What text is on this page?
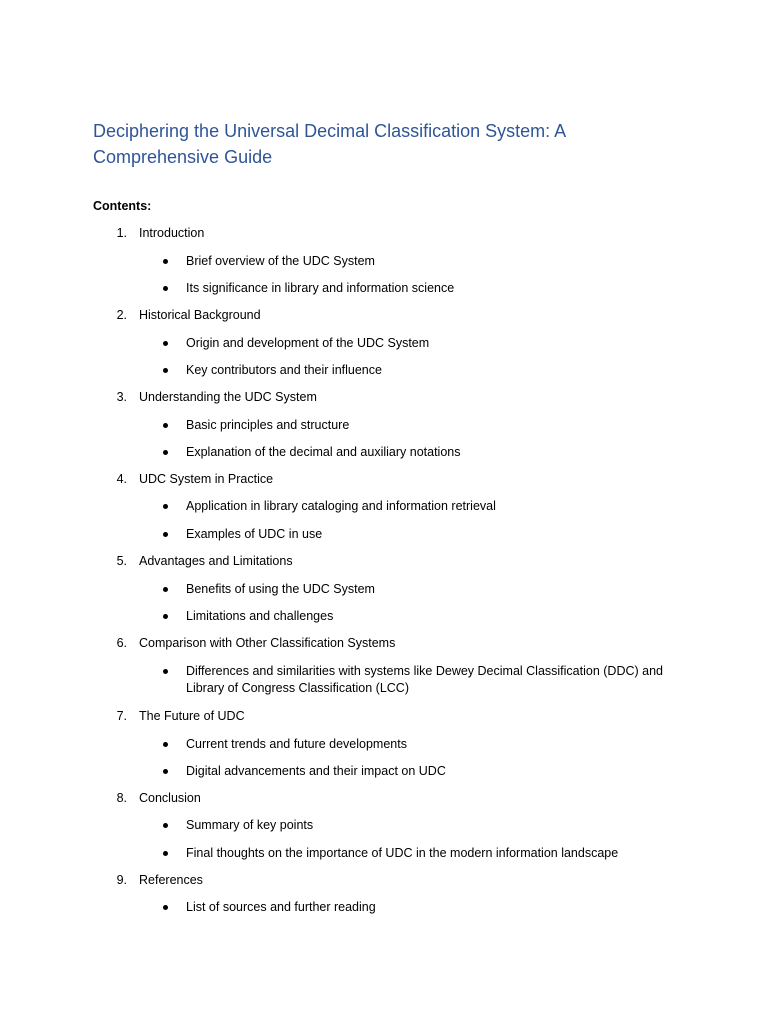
Deciphering the Universal Decimal Classification System: A Comprehensive Guide

Contents:

1. Introduction
Brief overview of the UDC System
Its significance in library and information science
2. Historical Background
Origin and development of the UDC System
Key contributors and their influence
3. Understanding the UDC System
Basic principles and structure
Explanation of the decimal and auxiliary notations
4. UDC System in Practice
Application in library cataloging and information retrieval
Examples of UDC in use
5. Advantages and Limitations
Benefits of using the UDC System
Limitations and challenges
6. Comparison with Other Classification Systems
Differences and similarities with systems like Dewey Decimal Classification (DDC) and Library of Congress Classification (LCC)
7. The Future of UDC
Current trends and future developments
Digital advancements and their impact on UDC
8. Conclusion
Summary of key points
Final thoughts on the importance of UDC in the modern information landscape
9. References
List of sources and further reading
